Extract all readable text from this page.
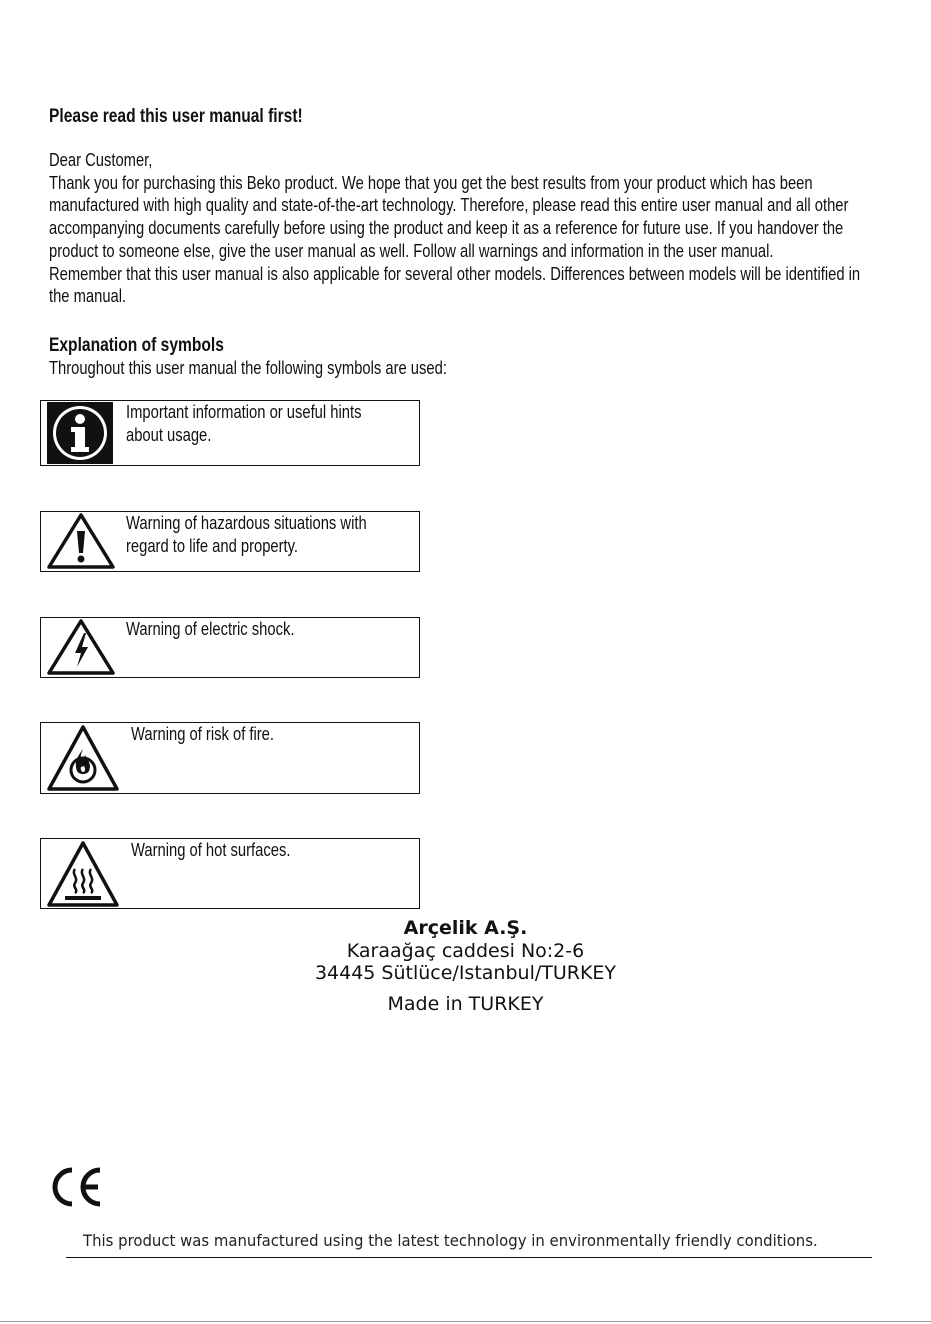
Please read this user manual first!

Dear Customer,

Thank you for purchasing this Beko product. We hope that you get the best results from your product which has been manufactured with high quality and state-of-the-art technology. Therefore, please read this entire user manual and all other accompanying documents carefully before using the product and keep it as a reference for future use. If you handover the product to someone else, give the user manual as well. Follow all warnings and information in the user manual.

Remember that this user manual is also applicable for several other models. Differences between models will be identified in the manual.

Explanation of symbols
Throughout this user manual the following symbols are used:
Important information or useful hints about usage.
Warning of hazardous situations with regard to life and property.
Warning of electric shock.
Warning of risk of fire.
Warning of hot surfaces.
Arçelik A.Ş.
Karaağaç caddesi No:2-6
34445 Sütlüce/Istanbul/TURKEY
Made in TURKEY
This product was manufactured using the latest technology in environmentally friendly conditions.
